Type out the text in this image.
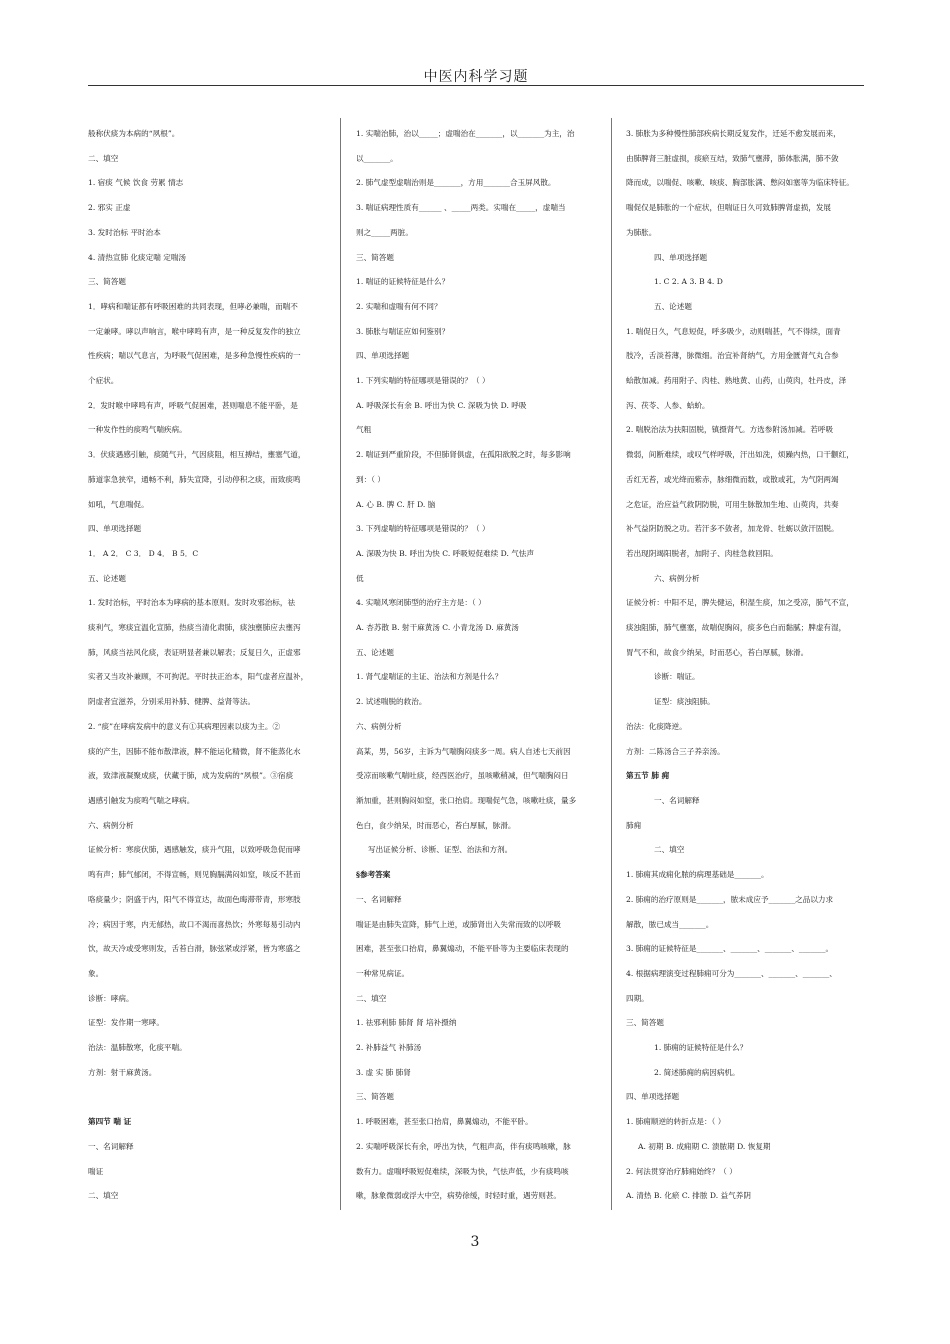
中医内科学习题

般称伏痰为本病的“夙根”。

二、填空

1. 宿痰 气候 饮食 劳累 情志

2. 邪实 正虚

3. 发时治标 平时治本

4. 清热宣肺 化痰定喘 定喘汤

三、简答题

1．哮病和喘证都有呼吸困难的共同表现，但哮必兼喘，而喘不

一定兼哮。哮以声响言，喉中哮鸣有声，是一种反复发作的独立

性疾病；喘以气息言，为呼吸气促困难，是多种急慢性疾病的一

个症状。

2．发时喉中哮鸣有声，呼吸气促困难，甚则喘息不能平卧，是

一种发作性的痰鸣气喘疾病。

3．伏痰遇感引触，痰随气升，气因痰阻，相互搏结，壅塞气道，

肺道挛急狭窄，通畅不利，肺失宣降，引动停积之痰，而致痰鸣

如吼，气息喘促。

四、单项选择题

1． A 2． C 3． D 4． B 5．C

五、论述题

1. 发时治标，平时治本为哮病的基本原则。发时攻邪治标，祛

痰利气，寒痰宜温化宣肺，热痰当清化肃肺，痰浊壅肺应去壅泻

肺，风痰当祛风化痰，表证明显者兼以解表；反复日久，正虚邪

实者又当攻补兼顾，不可拘泥。平时扶正治本，阳气虚者应温补，

阴虚者宜滋养，分别采用补肺、健脾、益肾等法。

2. “痰”在哮病发病中的意义有①其病理因素以痰为主。②

痰的产生，因肺不能布散津液，脾不能运化精微，肾不能蒸化水

液，致津液凝聚成痰，伏藏于肺，成为发病的“夙根”。③宿痰

遇感引触发为痰鸣气喘之哮病。

六、病例分析

证候分析：寒痰伏肺，遇感触发，痰升气阻，以致呼吸急促而哮

鸣有声；肺气郁闭，不得宣畅，则见胸膈满闷如窒，咳反不甚而

咯痰量少；阴盛于内，阳气不得宣达，故面色晦滞带青，形寒肢

冷；病因于寒，内无郁热，故口不渴而喜热饮；外寒每易引动内

饮，故天冷或受寒则发，舌苔白滑，脉弦紧或浮紧，皆为寒盛之

象。

诊断：哮病。

证型：发作期一寒哮。

治法：温肺散寒，化痰平喘。

方剂：射干麻黄汤。

第四节 喘 证

一、名词解释

喘证

二、填空

1. 实喘治肺，治以_____；虚喘治在_______，以_______为主，治

以_______。

2. 肺气虚型虚喘治则是_______，方用_______合玉屏风散。

3. 喘证病理性质有______ 、_____两类。实喘在_____，虚喘当

则之_____两脏。

三、简答题

1. 喘证的证候特征是什么？

2. 实喘和虚喘有何不同？

3. 肺胀与喘证应如何鉴别？

四、单项选择题

1. 下列实喘的特征哪项是错误的？（ ）

A. 呼吸深长有余 B. 呼出为快 C. 深吸为快 D. 呼吸

气粗

2. 喘证到严重阶段，不但肺肾俱虚，在孤阳欲脱之时，每多影响

到：（ ）

A. 心 B. 脾 C. 肝 D. 脑

3. 下列虚喘的特征哪项是错误的？（ ）

A. 深吸为快 B. 呼出为快 C. 呼吸短促难续 D. 气怯声

低

4. 实喘风寒闭肺型的治疗主方是：（ ）

A. 杏苏散 B. 射干麻黄汤 C. 小青龙汤 D. 麻黄汤

五、论述题

1. 肾气虚喘证的主证、治法和方剂是什么？

2. 试述喘脱的救治。

六、病例分析

高某，男，56岁，主诉为气喘胸闷痰多一周。病人自述七天前因

受凉而咳嗽气喘吐痰，经西医治疗，虽咳嗽稍减，但气喘胸闷日

渐加重，甚则胸闷如窒，张口抬肩。现喘促气急，咳嗽吐痰，量多

色白，食少纳呆，时而恶心，苔白厚腻，脉滑。

写出证候分析、诊断、证型、治法和方剂。

§参考答案

一、名词解释

喘证是由肺失宣降，肺气上逆，或肺肾出入失常而致的以呼吸

困难，甚至张口抬肩，鼻翼煽动，不能平卧等为主要临床表现的

一种常见病证。

二、填空

1. 祛邪利肺 肺肾 肾 培补摄纳

2. 补肺益气 补肺汤

3. 虚 实 肺 肺肾

三、简答题

1. 呼吸困难，甚至张口抬肩，鼻翼煽动，不能平卧。

2. 实喘呼吸深长有余，呼出为快，气粗声高，伴有痰鸣咳嗽，脉

数有力。虚喘呼吸短促难续，深吸为快，气怯声低，少有痰鸣咳

嗽，脉象微弱或浮大中空，病势徐缓，时轻时重，遇劳则甚。

3. 肺胀为多种慢性肺部疾病长期反复发作，迁延不愈发展而来，

由肺脾肾三脏虚损，痰瘀互结，致肺气壅滞，肺体胀满，肺不敛

降而成，以喘促、咳嗽、咳痰、胸部胀满、憋闷如塞等为临床特征。

喘促仅是肺胀的一个症状，但喘证日久可致肺脾肾虚损，发展

为肺胀。

四、单项选择题

1. C 2. A 3. B 4. D

五、论述题

1. 喘促日久，气息短促，呼多吸少，动则喘甚，气不得续，面青

肢冷，舌淡苔薄，脉微细。治宜补肾纳气，方用金匮肾气丸合参

蛤散加减。药用附子、肉桂、熟地黄、山药，山萸肉，牡丹皮，泽

泻、茯苓、人参、蛤蚧。

2. 喘脱治法为扶阳固脱，镇摄肾气。方选参附汤加减。若呼吸

微弱，间断难续，或叹气样呼吸，汗出如洗，烦躁内热，口干颧红，

舌红无苔，或光绛而紫赤，脉细微而数，或散或芤，为气阴两竭

之危证，治应益气救阴防脱，可用生脉散加生地、山萸肉，共奏

补气益阴防脱之功。若汗多不敛者，加龙骨、牡蛎以敛汗固脱。

若出现阴竭阳脱者，加附子、肉桂急救回阳。

六、病例分析

证候分析：中阳不足，脾失健运，积湿生痰，加之受凉，肺气不宣，

痰浊阻肺，肺气壅塞，故喘促胸闷，痰多色白而黏腻；脾虚有湿，

胃气不和，故食少纳呆，时而恶心，苔白厚腻，脉滑。

诊断：喘证。

证型：痰浊阻肺。

治法：化痰降逆。

方剂：二陈汤合三子养亲汤。

第五节 肺 痈

一、名词解释

肺痈

二、填空

1. 肺痈其成痈化脓的病理基础是_______。

2. 肺痈的治疗原则是_______，脓未成应予_______之品以力求

解散，脓已成当_______。

3. 肺痈的证候特征是_______、_______、_______、_______。

4. 根据病理演变过程肺痈可分为_______、_______、_______、

四期。

三、简答题

1. 肺痈的证候特征是什么？

2. 简述肺痈的病因病机。

四、单项选择题

1. 肺痈顺逆的转折点是：（ ）

A. 初期 B. 成痈期 C. 溃脓期 D. 恢复期

2. 何法贯穿治疗肺痈始终？（ ）

A. 清热 B. 化瘀 C. 排脓 D. 益气养阴

3
